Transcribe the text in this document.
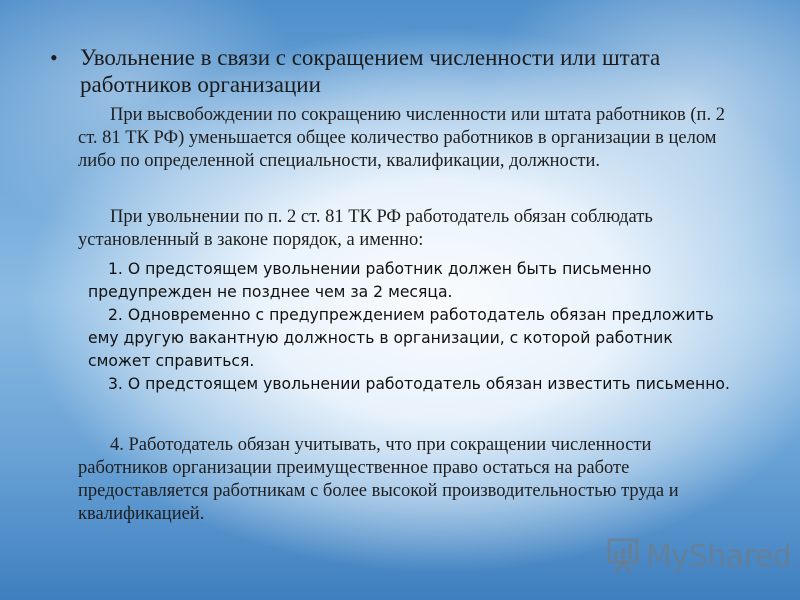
• Увольнение в связи с сокращением численности или штата работников организации
При высвобождении по сокращению численности или штата работников (п. 2 ст. 81 ТК РФ) уменьшается общее количество работников в организации в целом либо по определенной специальности, квалификации, должности.
При увольнении по п. 2 ст. 81 ТК РФ работодатель обязан соблюдать установленный в законе порядок, а именно:
1. О предстоящем увольнении работник должен быть письменно предупрежден не позднее чем за 2 месяца.
2. Одновременно с предупреждением работодатель обязан предложить ему другую вакантную должность в организации, с которой работник сможет справиться.
3. О предстоящем увольнении работодатель обязан известить письменно.
4. Работодатель обязан учитывать, что при сокращении численности работников организации преимущественное право остаться на работе предоставляется работникам с более высокой производительностью труда и квалификацией.
MyShared
